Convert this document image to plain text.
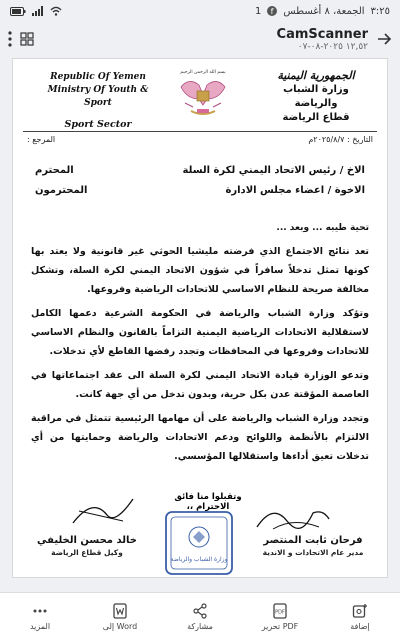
٣:٢٥
الجمعة، ٨ أغسطس
f
1
CamScanner
١٢,٥٢ ٢٠٢٥-٠٨-٠٧
Republic Of Yemen
Ministry Of Youth & Sport
Sport Sector
بسم الله الرحمن الرحيم	الجمهورية اليمنية
وزارة الشباب والرياضة
قطاع الرياضة
التاريخ : ٢٠٢٥/٨/٧م
المرجع :
الاخ / رئيس الاتحاد اليمني لكرة السلة
المحترم
الاخوة / اعضاء مجلس الادارة
المحترمون

تحية طيبه ... وبعد ...

تعد نتائج الاجتماع الذي فرضته مليشيا الحوثي غير قانونية ولا يعتد بها كونها تمثل تدخلاً سافراً في شؤون الاتحاد اليمني لكرة السلة، وتشكل مخالفة صريحة للنظام الاساسي للاتحادات الرياضية وفروعها.

وتؤكد وزارة الشباب والرياضة في الحكومة الشرعية دعمها الكامل لاستقلالية الاتحادات الرياضية اليمنية التزاماً بالقانون والنظام الاساسي للاتحادات وفروعها في المحافظات وتجدد رفضها القاطع لأي تدخلات.

وتدعو الوزارة قيادة الاتحاد اليمني لكرة السلة الى عقد اجتماعاتها في العاصمة المؤقتة عدن بكل حرية، وبدون تدخل من أي جهة كانت.

وتجدد وزارة الشباب والرياضة على أن مهامها الرئيسية تتمثل في مراقبة الالتزام بالأنظمة واللوائح ودعم الاتحادات والرياضة وحمايتها من أي تدخلات تعيق أداءها واستقلالها المؤسسي.

وتقبلوا منا فائق الاحترام ،،
وزارة الشباب والرياضة
فرحان ثابت المنتصر
مدير عام الاتحادات و الاندية
خالد محسن الخليفي
وكيل قطاع الرياضة
المزيد	إلى Word	مشاركة
PDF
تحرير PDF	إضافة
